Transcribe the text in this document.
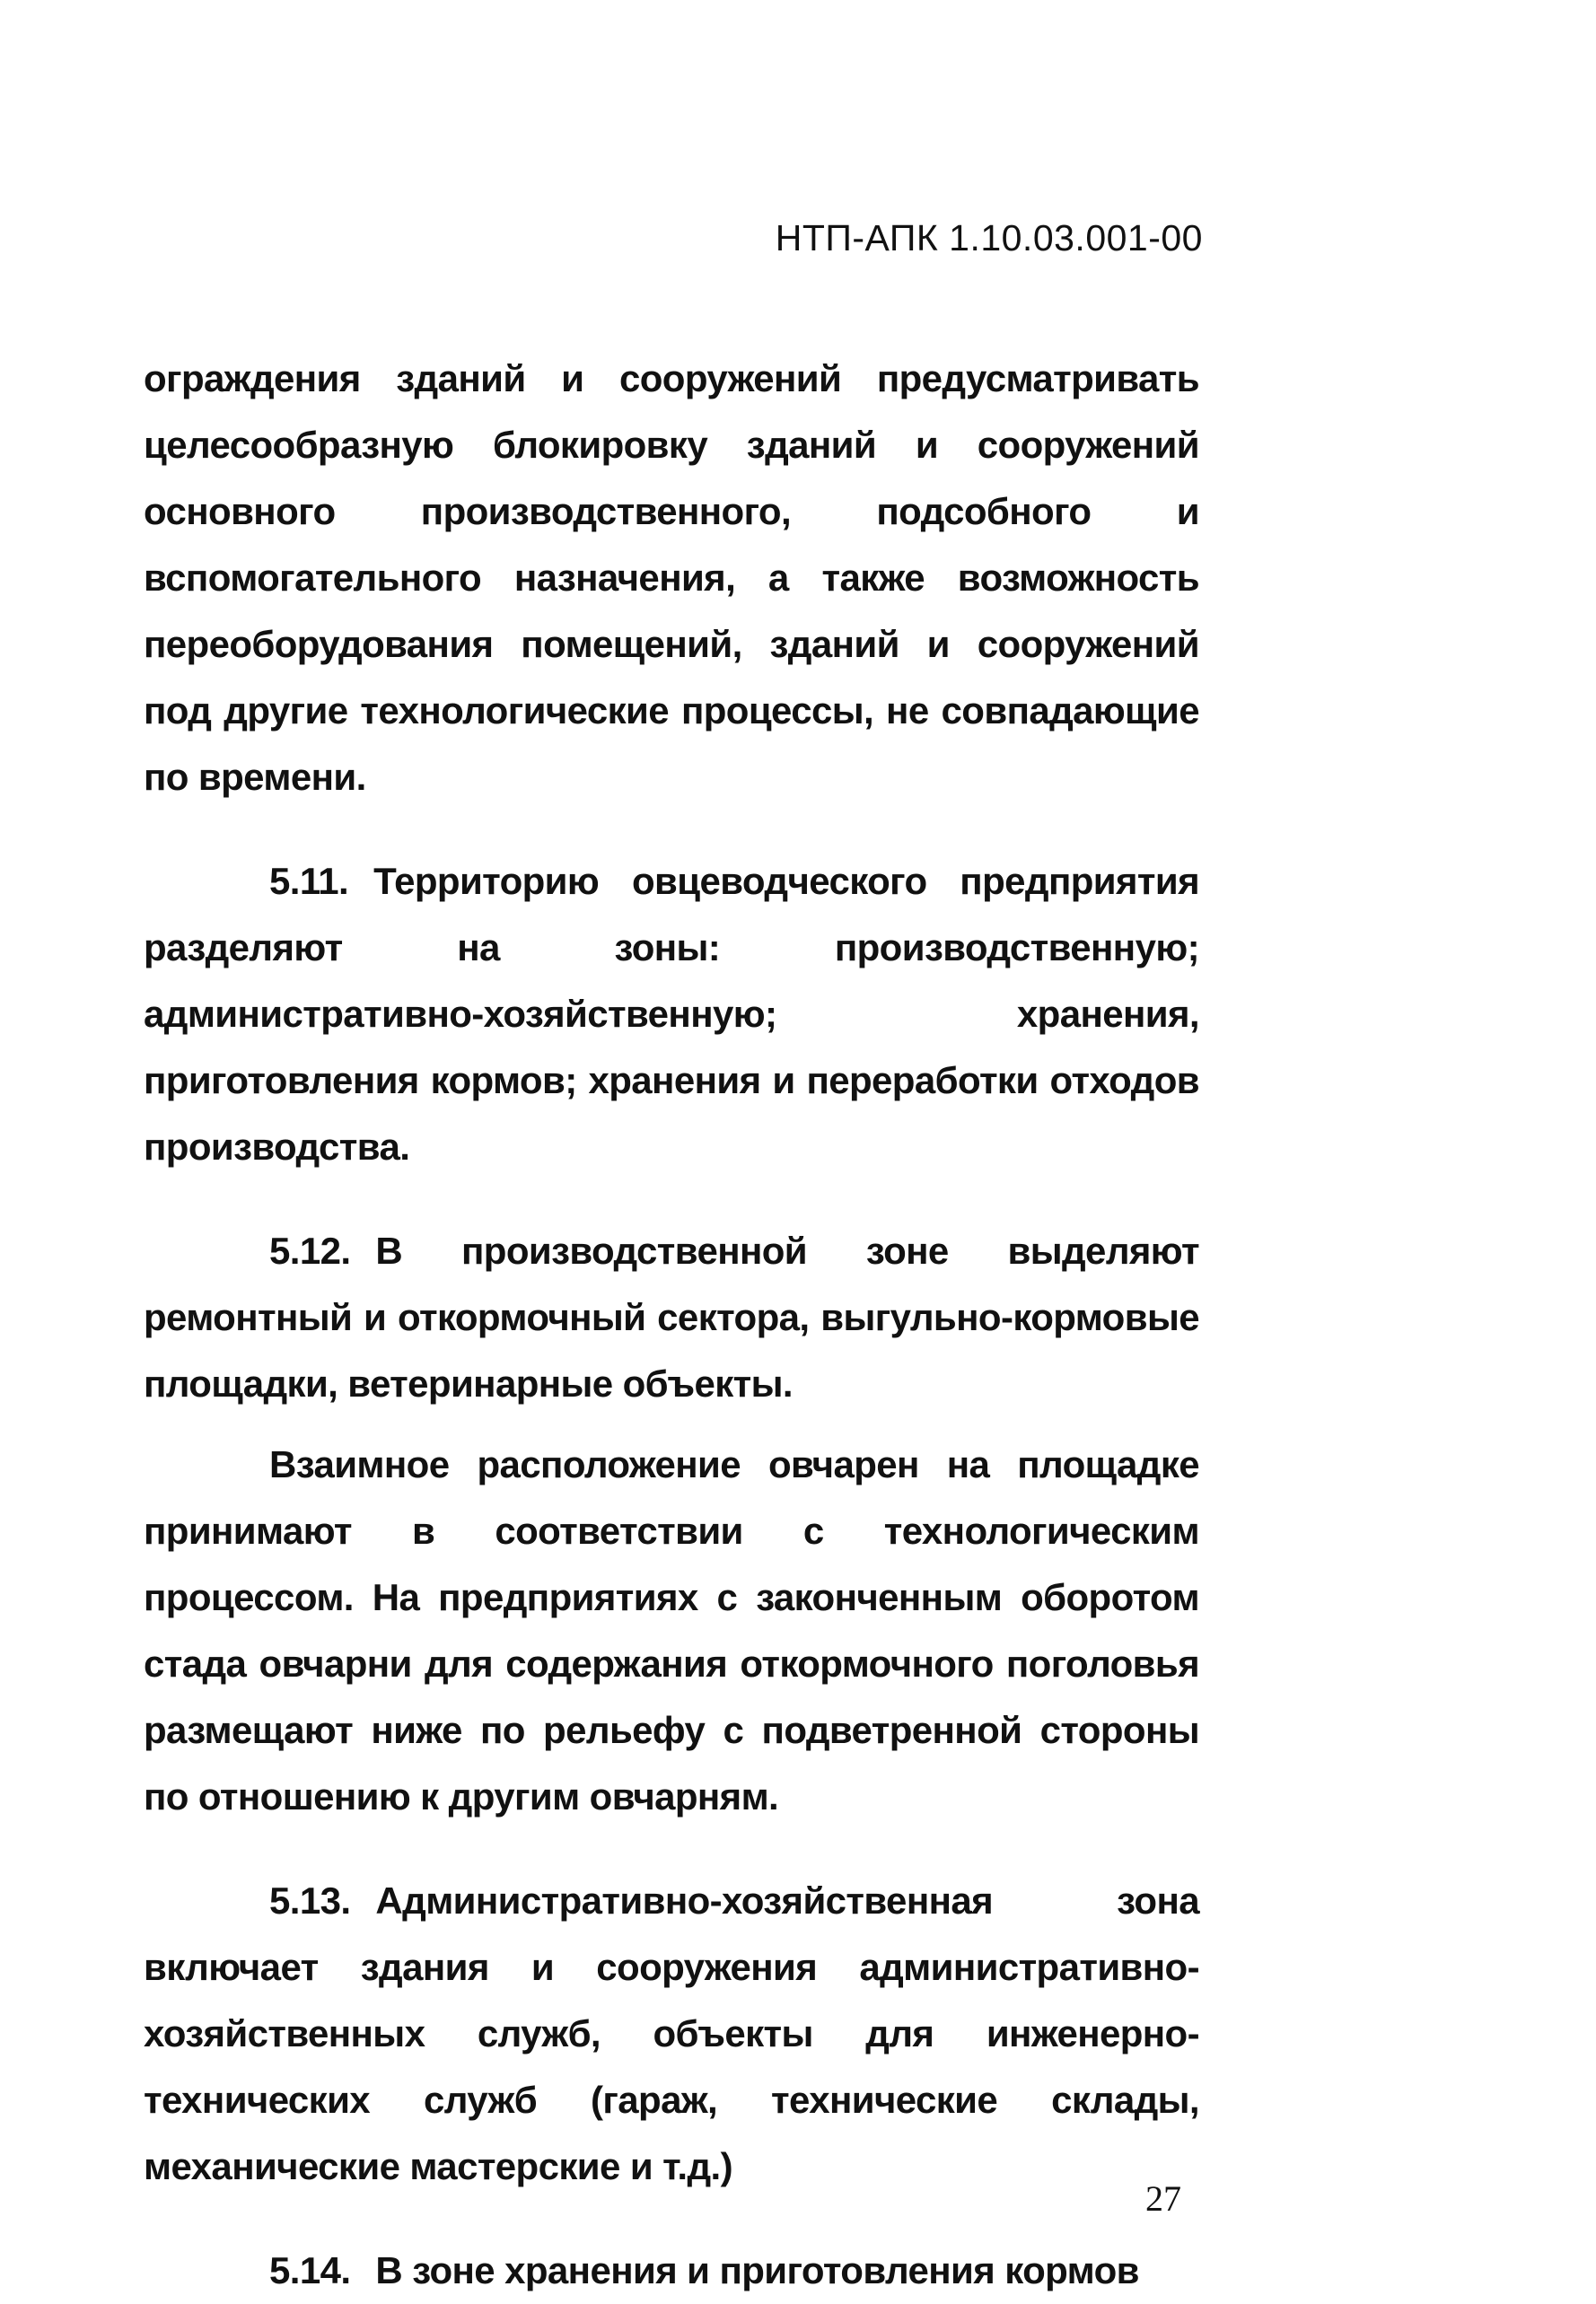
НТП-АПК 1.10.03.001-00

ограждения зданий и сооружений предусматривать целесообразную блокировку зданий и сооружений основного производственного, подсобного и вспомогательного назначения, а также возможность переоборудования помещений, зданий и сооружений под другие технологические процессы, не совпадающие по времени.

5.11. Территорию овцеводческого предприятия разделяют на зоны: производственную; административно-хозяйственную; хранения, приготовления кормов; хранения и переработки отходов производства.

5.12. В производственной зоне выделяют ремонтный и откормочный сектора, выгульно-кормовые площадки, ветеринарные объекты.

Взаимное расположение овчарен на площадке принимают в соответствии с технологическим процессом. На предприятиях с законченным оборотом стада овчарни для содержания откормочного поголовья размещают ниже по рельефу с подветренной стороны по отношению к другим овчарням.

5.13. Административно-хозяйственная зона включает здания и сооружения административно-хозяйственных служб, объекты для инженерно-технических служб (гараж, технические склады, механические мастерские и т.д.)

5.14. В зоне хранения и приготовления кормов

27
